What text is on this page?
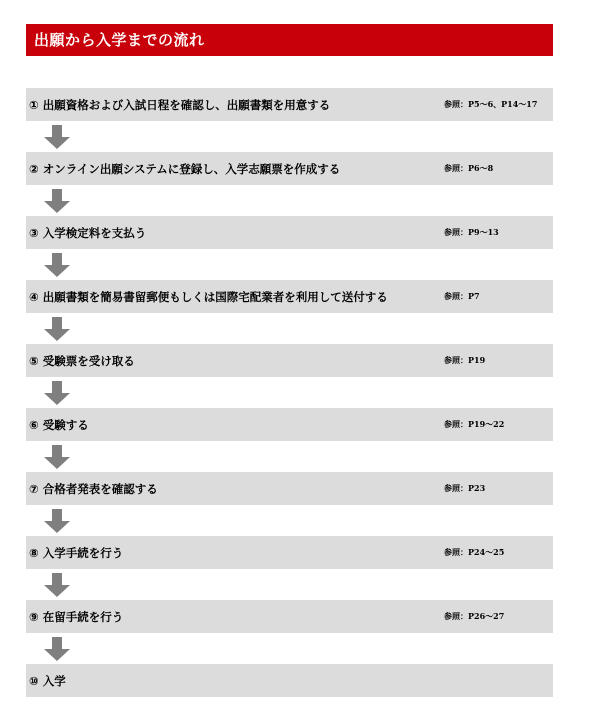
出願から入学までの流れ
① 出願資格および入試日程を確認し、出願書類を用意する	参照：P5～6、P14～17
② オンライン出願システムに登録し、入学志願票を作成する	参照：P6～8
③ 入学検定料を支払う	参照：P9～13
④ 出願書類を簡易書留郵便もしくは国際宅配業者を利用して送付する	参照：P7
⑤ 受験票を受け取る	参照：P19
⑥ 受験する	参照：P19～22
⑦ 合格者発表を確認する	参照：P23
⑧ 入学手続を行う	参照：P24～25
⑨ 在留手続を行う	参照：P26～27
⑩ 入学
